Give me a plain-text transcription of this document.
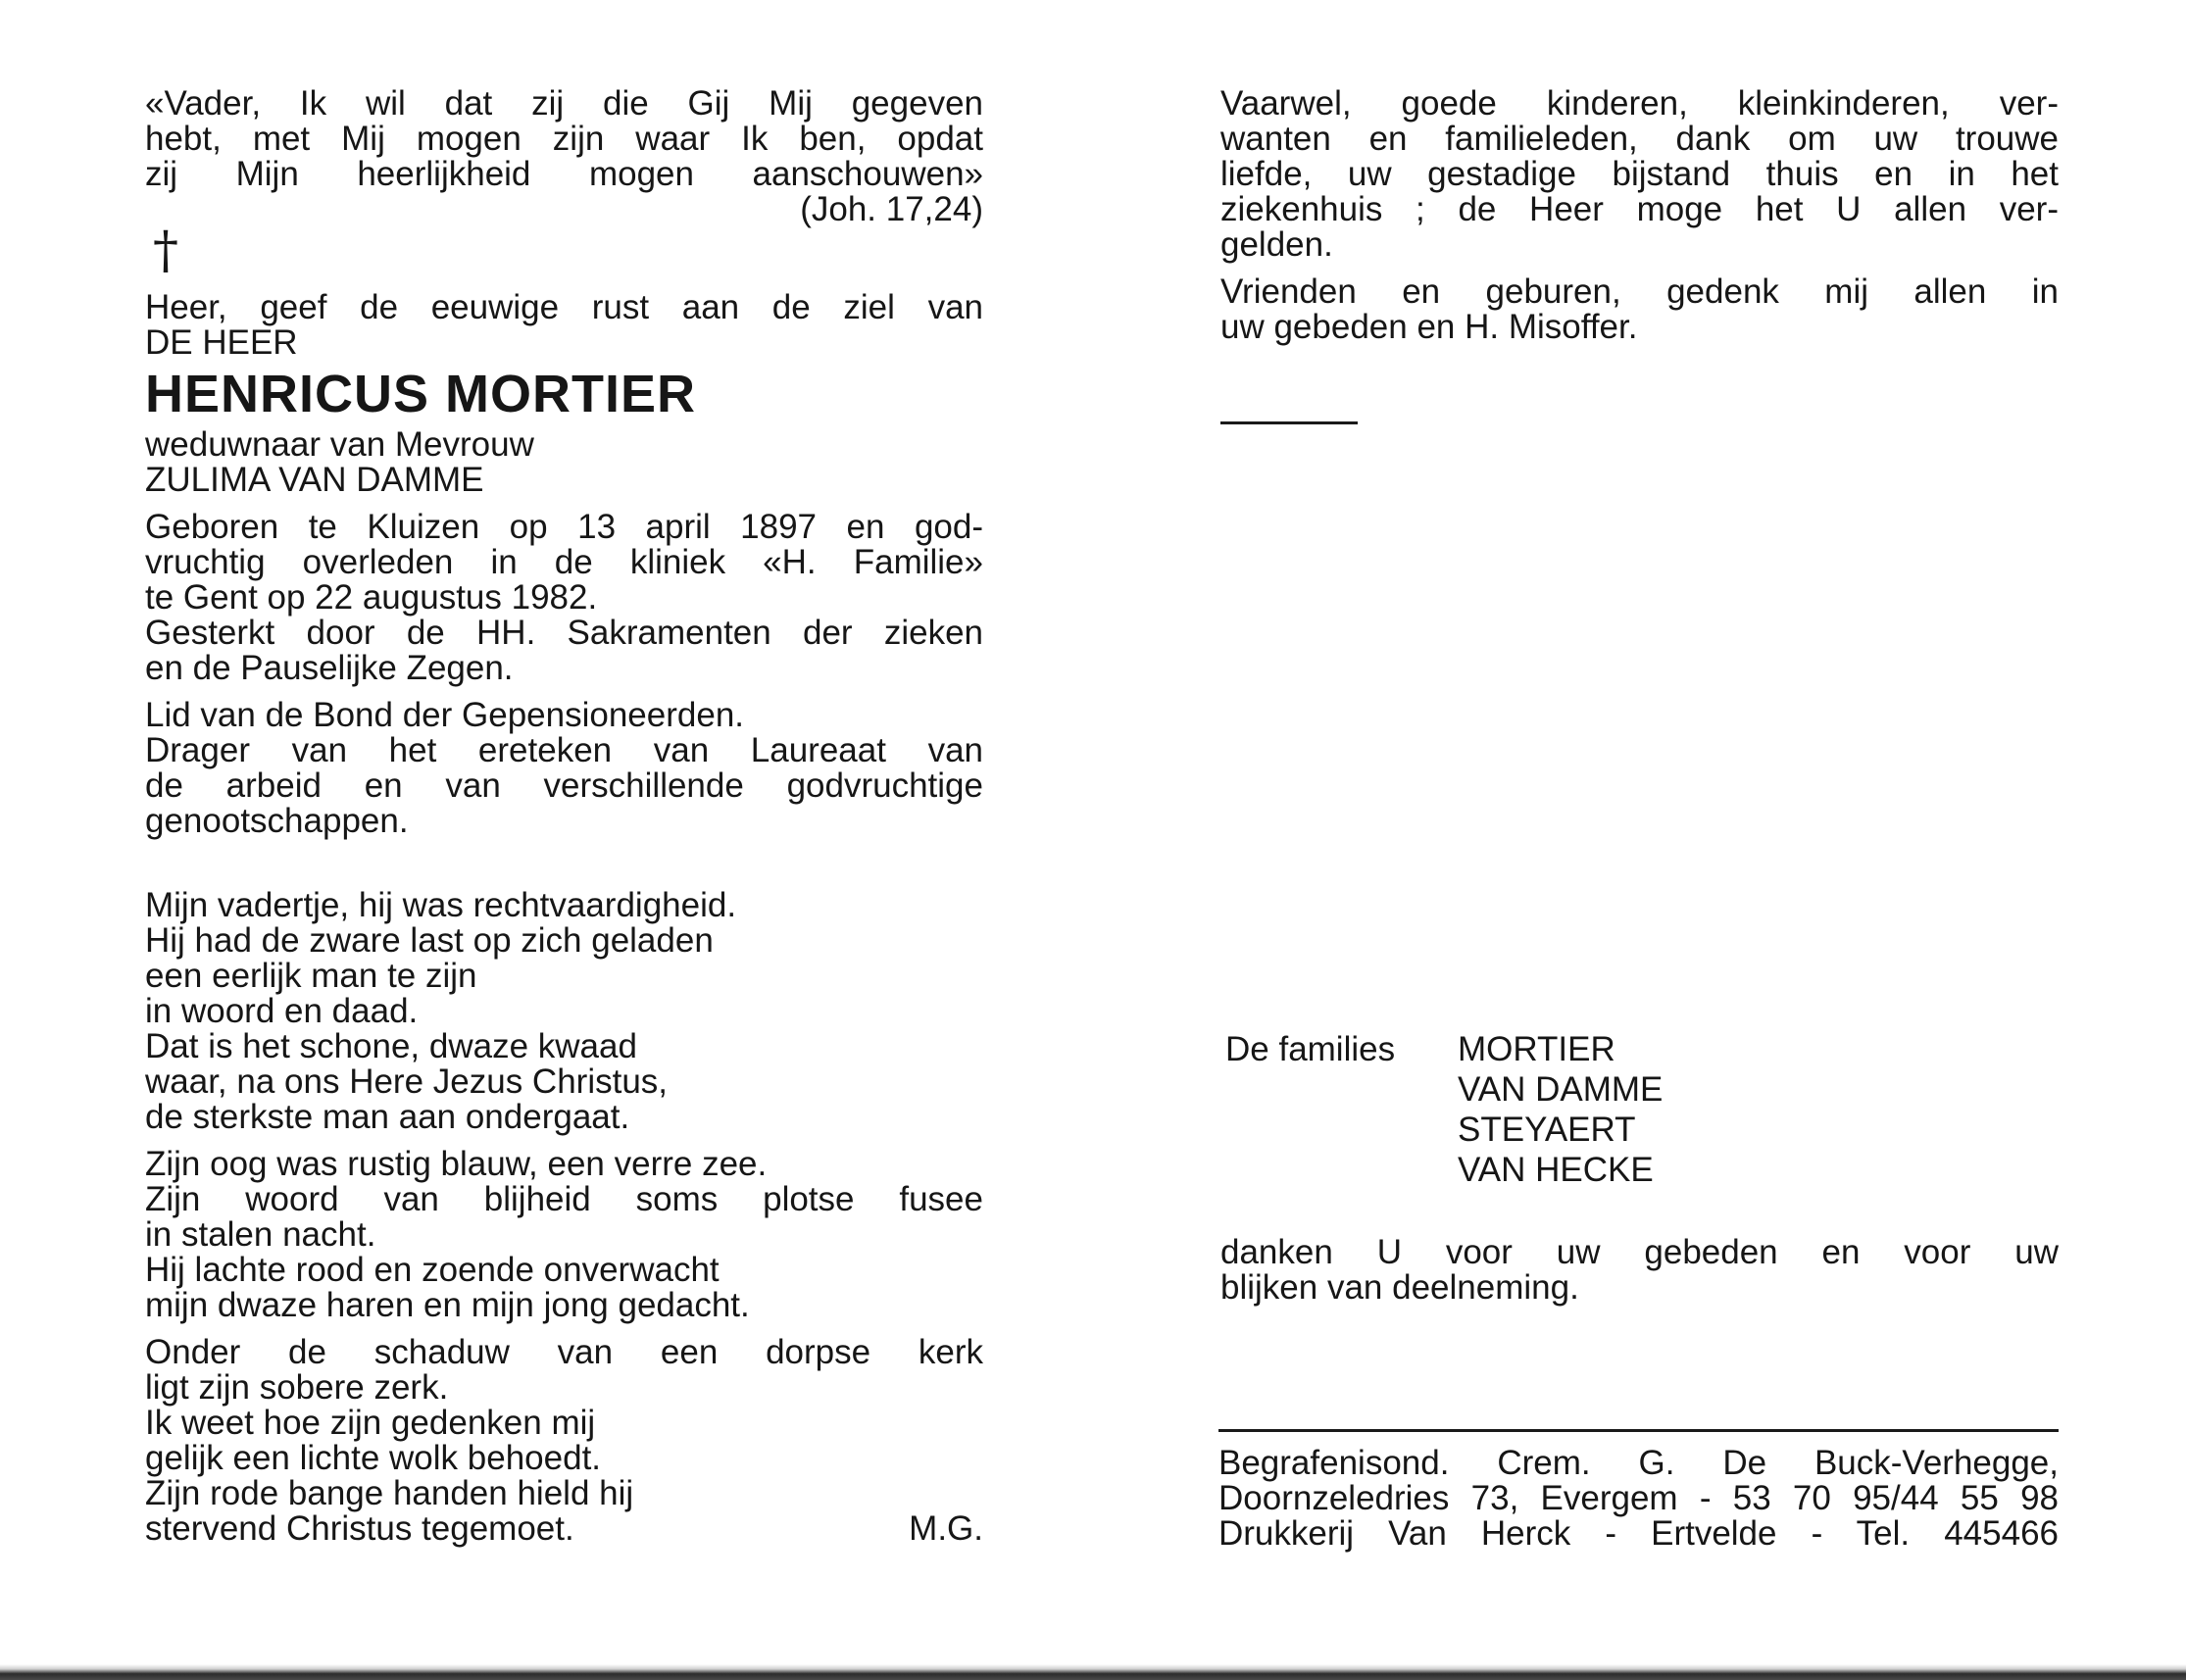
«Vader, Ik wil dat zij die Gij Mij gegeven
hebt, met Mij mogen zijn waar Ik ben, opdat
zij Mijn heerlijkheid mogen aanschouwen»
(Joh. 17,24)
†
Heer, geef de eeuwige rust aan de ziel van
DE HEER
HENRICUS MORTIER
weduwnaar van Mevrouw
ZULIMA VAN DAMME
Geboren te Kluizen op 13 april 1897 en god-
vruchtig overleden in de kliniek «H. Familie»
te Gent op 22 augustus 1982.
Gesterkt door de HH. Sakramenten der zieken
en de Pauselijke Zegen.
Lid van de Bond der Gepensioneerden.
Drager van het ereteken van Laureaat van
de arbeid en van verschillende godvruchtige
genootschappen.
Mijn vadertje, hij was rechtvaardigheid.
Hij had de zware last op zich geladen
een eerlijk man te zijn
in woord en daad.
Dat is het schone, dwaze kwaad
waar, na ons Here Jezus Christus,
de sterkste man aan ondergaat.
Zijn oog was rustig blauw, een verre zee.
Zijn woord van blijheid soms plotse fusee
in stalen nacht.
Hij lachte rood en zoende onverwacht
mijn dwaze haren en mijn jong gedacht.
Onder de schaduw van een dorpse kerk
ligt zijn sobere zerk.
Ik weet hoe zijn gedenken mij
gelijk een lichte wolk behoedt.
Zijn rode bange handen hield hij
stervend Christus tegemoet.	M.G.
Vaarwel, goede kinderen, kleinkinderen, ver-
wanten en familieleden, dank om uw trouwe
liefde, uw gestadige bijstand thuis en in het
ziekenhuis ; de Heer moge het U allen ver-
gelden.
Vrienden en geburen, gedenk mij allen in
uw gebeden en H. Misoffer.
De families	MORTIER
VAN DAMME
STEYAERT
VAN HECKE
danken U voor uw gebeden en voor uw
blijken van deelneming.
Begrafenisond. Crem. G. De Buck-Verhegge,
Doornzeledries 73, Evergem - 53 70 95/44 55 98
Drukkerij Van Herck - Ertvelde - Tel. 445466
